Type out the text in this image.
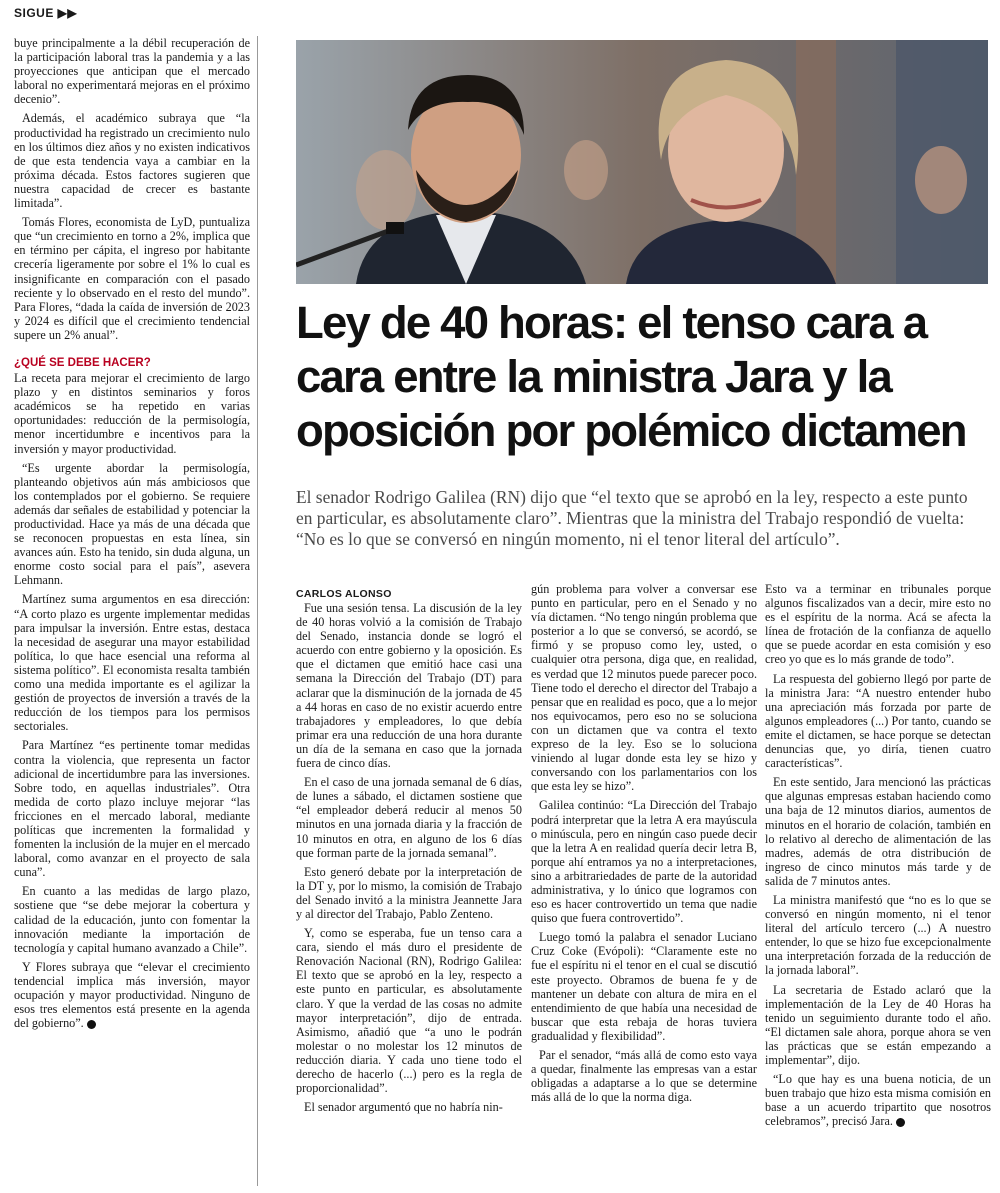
SIGUE ▶▶

buye principalmente a la débil recuperación de la participación laboral tras la pandemia y a las proyecciones que anticipan que el mercado laboral no experimentará mejoras en el próximo decenio”.

Además, el académico subraya que “la productividad ha registrado un crecimiento nulo en los últimos diez años y no existen indicativos de que esta tendencia vaya a cambiar en la próxima década. Estos factores sugieren que nuestra capacidad de crecer es bastante limitada”.

Tomás Flores, economista de LyD, puntualiza que “un crecimiento en torno a 2%, implica que en término per cápita, el ingreso por habitante crecería ligeramente por sobre el 1% lo cual es insignificante en comparación con el pasado reciente y lo observado en el resto del mundo”. Para Flores, “dada la caída de inversión de 2023 y 2024 es difícil que el crecimiento tendencial supere un 2% anual”.

¿QUÉ SE DEBE HACER?

La receta para mejorar el crecimiento de largo plazo y en distintos seminarios y foros académicos se ha repetido en varias oportunidades: reducción de la permisología, menor incertidumbre e incentivos para la inversión y mayor productividad.

“Es urgente abordar la permisología, planteando objetivos aún más ambiciosos que los contemplados por el gobierno. Se requiere además dar señales de estabilidad y potenciar la productividad. Hace ya más de una década que se reconocen propuestas en esta línea, sin avances aún. Esto ha tenido, sin duda alguna, un enorme costo social para el país”, asevera Lehmann.

Martínez suma argumentos en esa dirección: “A corto plazo es urgente implementar medidas para impulsar la inversión. Entre estas, destaca la necesidad de asegurar una mayor estabilidad política, lo que hace esencial una reforma al sistema político”. El economista resalta también como una medida importante es el agilizar la gestión de proyectos de inversión a través de la reducción de los tiempos para los permisos sectoriales.

Para Martínez “es pertinente tomar medidas contra la violencia, que representa un factor adicional de incertidumbre para las inversiones. Sobre todo, en aquellas industriales”. Otra medida de corto plazo incluye mejorar “las fricciones en el mercado laboral, mediante políticas que incrementen la formalidad y fomenten la inclusión de la mujer en el mercado laboral, como avanzar en el proyecto de sala cuna”.

En cuanto a las medidas de largo plazo, sostiene que “se debe mejorar la cobertura y calidad de la educación, junto con fomentar la innovación mediante la importación de tecnología y capital humano avanzado a Chile”.

Y Flores subraya que “elevar el crecimiento tendencial implica más inversión, mayor ocupación y mayor productividad. Ninguno de esos tres elementos está presente en la agenda del gobierno”.

Ley de 40 horas: el tenso cara a cara entre la ministra Jara y la oposición por polémico dictamen

El senador Rodrigo Galilea (RN) dijo que “el texto que se aprobó en la ley, respecto a este punto en particular, es absolutamente claro”. Mientras que la ministra del Trabajo respondió de vuelta: “No es lo que se conversó en ningún momento, ni el tenor literal del artículo”.

CARLOS ALONSO

Fue una sesión tensa. La discusión de la ley de 40 horas volvió a la comisión de Trabajo del Senado, instancia donde se logró el acuerdo con entre gobierno y la oposición. Es que el dictamen que emitió hace casi una semana la Dirección del Trabajo (DT) para aclarar que la disminución de la jornada de 45 a 44 horas en caso de no existir acuerdo entre trabajadores y empleadores, lo que debía primar era una reducción de una hora durante un día de la semana en caso que la jornada fuera de cinco días.

En el caso de una jornada semanal de 6 días, de lunes a sábado, el dictamen sostiene que “el empleador deberá reducir al menos 50 minutos en una jornada diaria y la fracción de 10 minutos en otra, en alguno de los 6 días que forman parte de la jornada semanal”.

Esto generó debate por la interpretación de la DT y, por lo mismo, la comisión de Trabajo del Senado invitó a la ministra Jeannette Jara y al director del Trabajo, Pablo Zenteno.

Y, como se esperaba, fue un tenso cara a cara, siendo el más duro el presidente de Renovación Nacional (RN), Rodrigo Galilea: El texto que se aprobó en la ley, respecto a este punto en particular, es absolutamente claro. Y que la verdad de las cosas no admite mayor interpretación”, dijo de entrada. Asimismo, añadió que “a uno le podrán molestar o no molestar los 12 minutos de reducción diaria. Y cada uno tiene todo el derecho de hacerlo (...) pero es la regla de proporcionalidad”.

El senador argumentó que no habría nin-

gún problema para volver a conversar ese punto en particular, pero en el Senado y no vía dictamen. “No tengo ningún problema que posterior a lo que se conversó, se acordó, se firmó y se propuso como ley, usted, o cualquier otra persona, diga que, en realidad, es verdad que 12 minutos puede parecer poco. Tiene todo el derecho el director del Trabajo a pensar que en realidad es poco, que a lo mejor nos equivocamos, pero eso no se soluciona con un dictamen que va contra el texto expreso de la ley. Eso se lo soluciona viniendo al lugar donde esta ley se hizo y conversando con los parlamentarios con los que esta ley se hizo”.

Galilea continúo: “La Dirección del Trabajo podrá interpretar que la letra A era mayúscula o minúscula, pero en ningún caso puede decir que la letra A en realidad quería decir letra B, porque ahí entramos ya no a interpretaciones, sino a arbitrariedades de parte de la autoridad administrativa, y lo único que logramos con eso es hacer controvertido un tema que nadie quiso que fuera controvertido”.

Luego tomó la palabra el senador Luciano Cruz Coke (Evópoli): “Claramente este no fue el espíritu ni el tenor en el cual se discutió este proyecto. Obramos de buena fe y de mantener un debate con altura de mira en el entendimiento de que había una necesidad de buscar que esta rebaja de horas tuviera gradualidad y flexibilidad”.

Par el senador, “más allá de como esto vaya a quedar, finalmente las empresas van a estar obligadas a adaptarse a lo que se determine más allá de lo que la norma diga.

Esto va a terminar en tribunales porque algunos fiscalizados van a decir, mire esto no es el espíritu de la norma. Acá se afecta la línea de frotación de la confianza de aquello que se puede acordar en esta comisión y eso creo yo que es lo más grande de todo”.

La respuesta del gobierno llegó por parte de la ministra Jara: “A nuestro entender hubo una apreciación más forzada por parte de algunos empleadores (...) Por tanto, cuando se emite el dictamen, se hace porque se detectan denuncias que, yo diría, tienen cuatro características”.

En este sentido, Jara mencionó las prácticas que algunas empresas estaban haciendo como una baja de 12 minutos diarios, aumentos de minutos en el horario de colación, también en lo relativo al derecho de alimentación de las madres, además de otra distribución de ingreso de cinco minutos más tarde y de salida de 7 minutos antes.

La ministra manifestó que “no es lo que se conversó en ningún momento, ni el tenor literal del artículo tercero (...) A nuestro entender, lo que se hizo fue excepcionalmente una interpretación forzada de la reducción de la jornada laboral”.

La secretaria de Estado aclaró que la implementación de la Ley de 40 Horas ha tenido un seguimiento durante todo el año. “El dictamen sale ahora, porque ahora se ven las prácticas que se están empezando a implementar”, dijo.

“Lo que hay es una buena noticia, de un buen trabajo que hizo esta misma comisión en base a un acuerdo tripartito que nosotros celebramos”, precisó Jara.
